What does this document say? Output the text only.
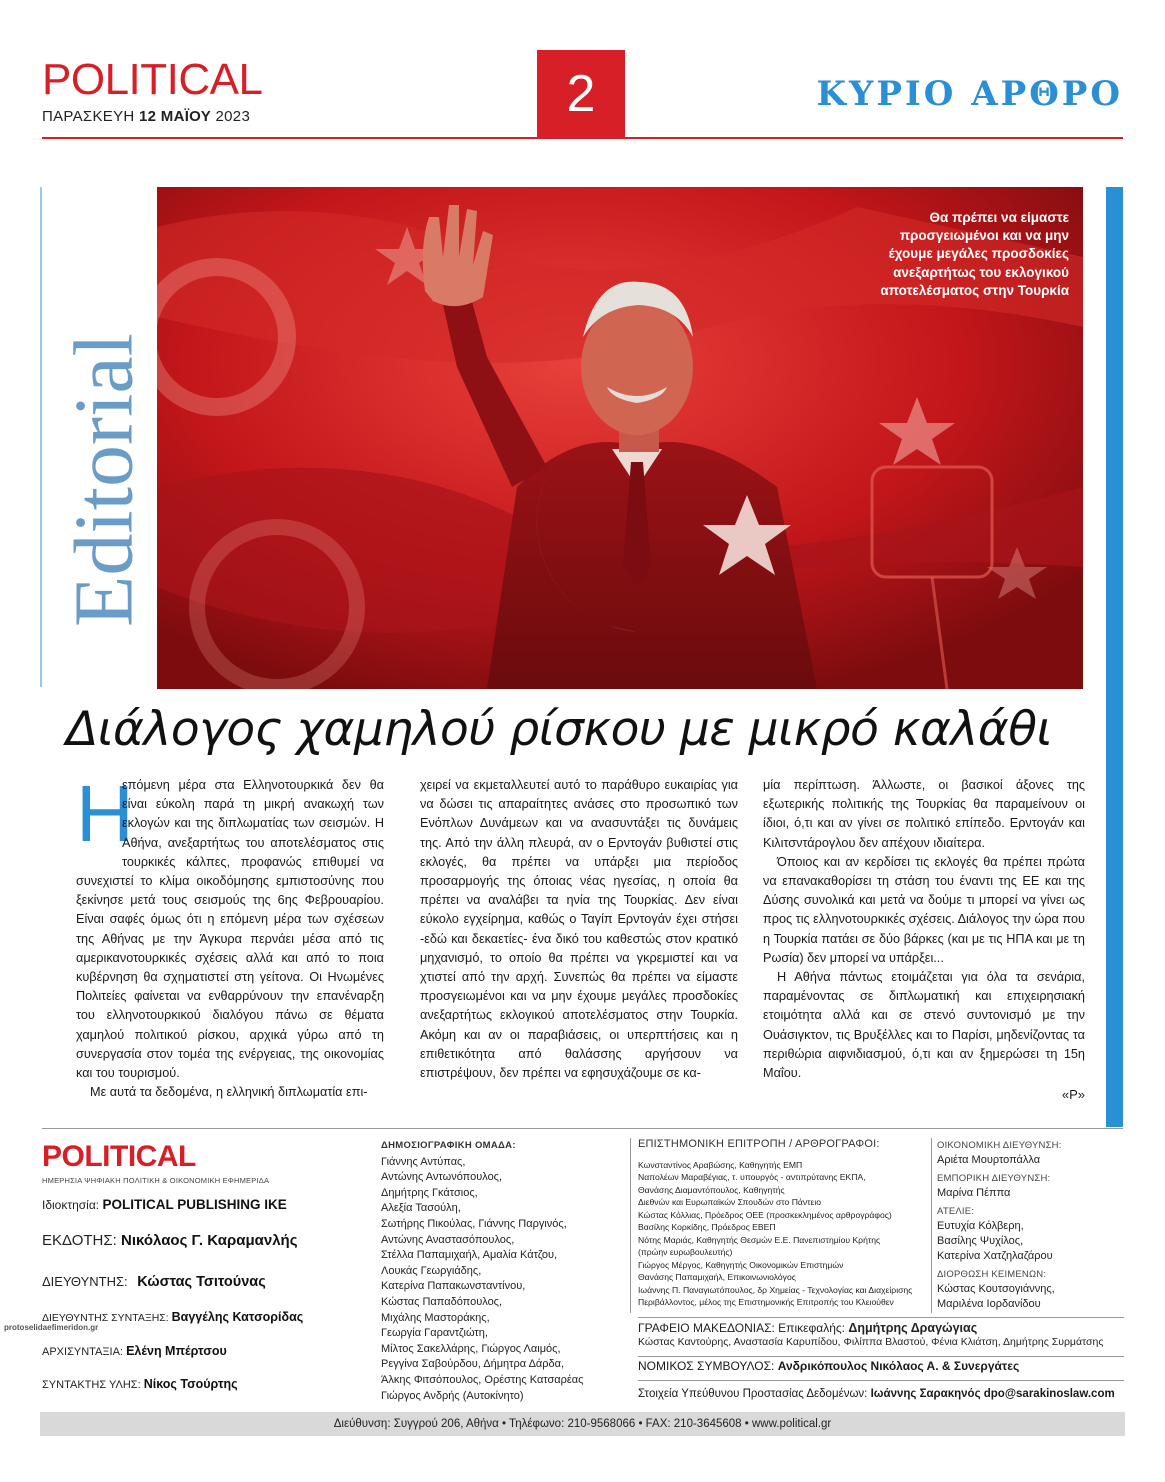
POLITICAL
ΠΑΡΑΣΚΕΥΗ 12 ΜΑΪΟΥ 2023	2	ΚΥΡΙΟ ΑΡΘΡΟ
Editorial
Θα πρέπει να είμαστε προσγειωμένοι και να μην έχουμε μεγάλες προσδοκίες ανεξαρτήτως του εκλογικού αποτελέσματος στην Τουρκία
Διάλογος χαμηλού ρίσκου με μικρό καλάθι

Η
επόμενη μέρα στα Ελληνοτουρκικά δεν θα είναι εύκολη παρά τη μικρή ανακωχή των εκλογών και της διπλωματίας των σεισμών. Η Αθήνα, ανεξαρτήτως του αποτελέσματος στις τουρκικές κάλπες, προφανώς επιθυμεί να συνεχιστεί το κλίμα οικοδόμησης εμπιστοσύνης που ξεκίνησε μετά τους σεισμούς της 6ης Φεβρουαρίου. Είναι σαφές όμως ότι η επόμενη μέρα των σχέσεων της Αθήνας με την Άγκυρα περνάει μέσα από τις αμερικανοτουρκικές σχέσεις αλλά και από το ποια κυβέρνηση θα σχηματιστεί στη γείτονα. Οι Ηνωμένες Πολιτείες φαίνεται να ενθαρρύνουν την επανέναρξη του ελληνοτουρκικού διαλόγου πάνω σε θέματα χαμηλού πολιτικού ρίσκου, αρχικά γύρω από τη συνεργασία στον τομέα της ενέργειας, της οικονομίας και του τουρισμού.

Με αυτά τα δεδομένα, η ελληνική διπλωματία επι-

χειρεί να εκμεταλλευτεί αυτό το παράθυρο ευκαιρίας για να δώσει τις απαραίτητες ανάσες στο προσωπικό των Ενόπλων Δυνάμεων και να ανασυντάξει τις δυνάμεις της. Από την άλλη πλευρά, αν ο Ερντογάν βυθιστεί στις εκλογές, θα πρέπει να υπάρξει μια περίοδος προσαρμογής της όποιας νέας ηγεσίας, η οποία θα πρέπει να αναλάβει τα ηνία της Τουρκίας. Δεν είναι εύκολο εγχείρημα, καθώς ο Ταγίπ Ερντογάν έχει στήσει -εδώ και δεκαετίες- ένα δικό του καθεστώς στον κρατικό μηχανισμό, το οποίο θα πρέπει να γκρεμιστεί και να χτιστεί από την αρχή. Συνεπώς θα πρέπει να είμαστε προσγειωμένοι και να μην έχουμε μεγάλες προσδοκίες ανεξαρτήτως εκλογικού αποτελέσματος στην Τουρκία. Ακόμη και αν οι παραβιάσεις, οι υπερπτήσεις και η επιθετικότητα από θαλάσσης αργήσουν να επιστρέψουν, δεν πρέπει να εφησυχάζουμε σε κα-

μία περίπτωση. Άλλωστε, οι βασικοί άξονες της εξωτερικής πολιτικής της Τουρκίας θα παραμείνουν οι ίδιοι, ό,τι και αν γίνει σε πολιτικό επίπεδο. Ερντογάν και Κιλιτσντάρογλου δεν απέχουν ιδιαίτερα.

Όποιος και αν κερδίσει τις εκλογές θα πρέπει πρώτα να επανακαθορίσει τη στάση του έναντι της ΕΕ και της Δύσης συνολικά και μετά να δούμε τι μπορεί να γίνει ως προς τις ελληνοτουρκικές σχέσεις. Διάλογος την ώρα που η Τουρκία πατάει σε δύο βάρκες (και με τις ΗΠΑ και με τη Ρωσία) δεν μπορεί να υπάρξει...

Η Αθήνα πάντως ετοιμάζεται για όλα τα σενάρια, παραμένοντας σε διπλωματική και επιχειρησιακή ετοιμότητα αλλά και σε στενό συντονισμό με την Ουάσιγκτον, τις Βρυξέλλες και το Παρίσι, μηδενίζοντας τα περιθώρια αιφνιδιασμού, ό,τι και αν ξημερώσει τη 15η Μαΐου.

«Ρ»
POLITICAL
ΗΜΕΡΗΣΙΑ ΨΗΦΙΑΚΗ ΠΟΛΙΤΙΚΗ & ΟΙΚΟΝΟΜΙΚΗ ΕΦΗΜΕΡΙΔΑ
Ιδιοκτησία: POLITICAL PUBLISHING IKE
ΕΚΔΟΤΗΣ: Νικόλαος Γ. Καραμανλής
ΔΙΕΥΘΥΝΤΗΣ: Κώστας Τσιτούνας
ΔΙΕΥΘΥΝΤΗΣ ΣΥΝΤΑΞΗΣ: Βαγγέλης Κατσορίδας
ΑΡΧΙΣΥΝΤΑΞΙΑ: Ελένη Μπέρτσου
ΣΥΝΤΑΚΤΗΣ ΥΛΗΣ: Νίκος Τσούρτης
protoselidaefimeridon.gr
ΔΗΜΟΣΙΟΓΡΑΦΙΚΗ ΟΜΑΔΑ:
Γιάννης Αντύπας,
Αντώνης Αντωνόπουλος,
Δημήτρης Γκάτσιος,
Αλεξία Τασούλη,
Σωτήρης Πικούλας, Γιάννης Παργινός,
Αντώνης Αναστασόπουλος,
Στέλλα Παπαμιχαήλ, Αμαλία Κάτζου,
Λουκάς Γεωργιάδης,
Κατερίνα Παπακωνσταντίνου,
Κώστας Παπαδόπουλος,
Μιχάλης Μαστοράκης,
Γεωργία Γαραντζιώτη,
Μίλτος Σακελλάρης, Γιώργος Λαιμός,
Ρεγγίνα Σαβούρδου, Δήμητρα Δάρδα,
Άλκης Φιτσόπουλος, Ορέστης Κατσαρέας
Γιώργος Ανδρής (Αυτοκίνητο)
ΕΠΙΣΤΗΜΟΝΙΚΗ ΕΠΙΤΡΟΠΗ / ΑΡΘΡΟΓΡΑΦΟΙ:
Κωνσταντίνος Αραβώσης, Καθηγητής ΕΜΠ
Ναπολέων Μαραβέγιας, τ. υπουργός - αντιπρύτανης ΕΚΠΑ,
Θανάσης Διαμαντόπουλος, Καθηγητής
Διεθνών και Ευρωπαϊκών Σπουδών στο Πάντειο
Κώστας Κόλλιας, Πρόεδρος ΟΕΕ (προσκεκλημένος αρθρογράφος)
Βασίλης Κορκίδης, Πρόεδρος ΕΒΕΠ
Νότης Μαριάς, Καθηγητής Θεσμών Ε.Ε. Πανεπιστημίου Κρήτης
(πρώην ευρωβουλευτής)
Γιώργος Μέργος, Καθηγητής Οικονομικών Επιστημών
Θανάσης Παπαμιχαήλ, Επικοινωνιολόγος
Ιωάννης Π. Παναγιωτόπουλος, δρ Χημείας - Τεχνολογίας και Διαχείρισης
Περιβάλλοντος, μέλος της Επιστημονικής Επιτροπής του Κλειούθεν
ΟΙΚΟΝΟΜΙΚΗ ΔΙΕΥΘΥΝΣΗ:
Αριέτα Μουρτοπάλλα
ΕΜΠΟΡΙΚΗ ΔΙΕΥΘΥΝΣΗ:
Μαρίνα Πέππα
ΑΤΕΛΙΕ:
Ευτυχία Κόλβερη,
Βασίλης Ψυχίλος,
Κατερίνα Χατζηλαζάρου
ΔΙΟΡΘΩΣΗ ΚΕΙΜΕΝΩΝ:
Κώστας Κουτσογιάννης,
Μαριλένα Ιορδανίδου
ΓΡΑΦΕΙΟ ΜΑΚΕΔΟΝΙΑΣ: Επικεφαλής: Δημήτρης Δραγώγιας
Κώστας Καντούρης, Αναστασία Καρυπίδου, Φιλίππα Βλαστού, Φένια Κλιάτση, Δημήτρης Συρμάτσης
ΝΟΜΙΚΟΣ ΣΥΜΒΟΥΛΟΣ: Ανδρικόπουλος Νικόλαος Α. & Συνεργάτες
Στοιχεία Υπεύθυνου Προστασίας Δεδομένων: Ιωάννης Σαρακηνός dpo@sarakinoslaw.com
Διεύθυνση: Συγγρού 206, Αθήνα • Τηλέφωνο: 210-9568066 • FAX: 210-3645608 • www.political.gr
